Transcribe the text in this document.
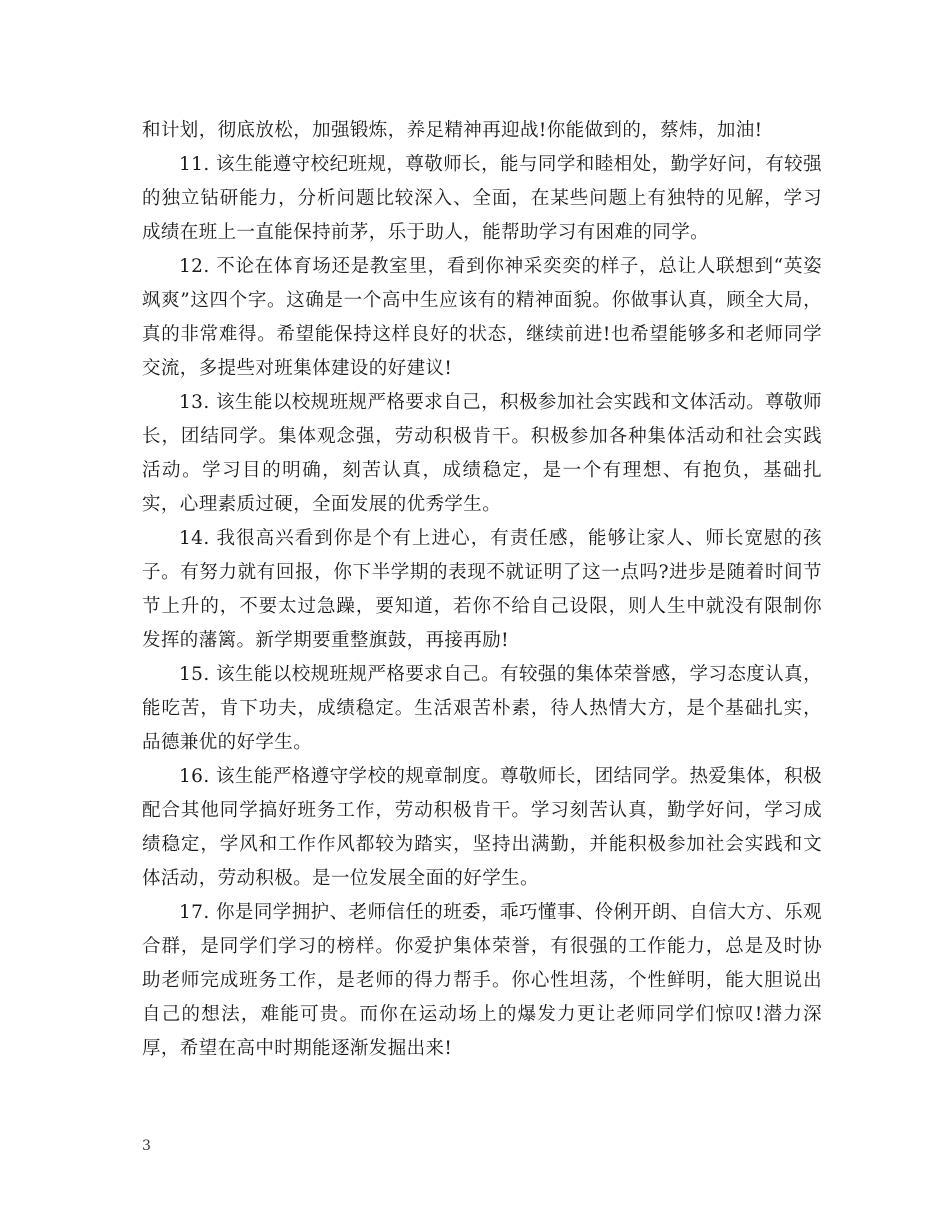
和计划，彻底放松，加强锻炼，养足精神再迎战!你能做到的，蔡炜，加油!

11. 该生能遵守校纪班规，尊敬师长，能与同学和睦相处，勤学好问，有较强的独立钻研能力，分析问题比较深入、全面，在某些问题上有独特的见解，学习成绩在班上一直能保持前茅，乐于助人，能帮助学习有困难的同学。

12. 不论在体育场还是教室里，看到你神采奕奕的样子，总让人联想到“英姿飒爽”这四个字。这确是一个高中生应该有的精神面貌。你做事认真，顾全大局，真的非常难得。希望能保持这样良好的状态，继续前进!也希望能够多和老师同学交流，多提些对班集体建设的好建议!

13. 该生能以校规班规严格要求自己，积极参加社会实践和文体活动。尊敬师长，团结同学。集体观念强，劳动积极肯干。积极参加各种集体活动和社会实践活动。学习目的明确，刻苦认真，成绩稳定，是一个有理想、有抱负，基础扎实，心理素质过硬，全面发展的优秀学生。

14. 我很高兴看到你是个有上进心，有责任感，能够让家人、师长宽慰的孩子。有努力就有回报，你下半学期的表现不就证明了这一点吗?进步是随着时间节节上升的，不要太过急躁，要知道，若你不给自己设限，则人生中就没有限制你发挥的藩篱。新学期要重整旗鼓，再接再励!

15. 该生能以校规班规严格要求自己。有较强的集体荣誉感，学习态度认真，能吃苦，肯下功夫，成绩稳定。生活艰苦朴素，待人热情大方，是个基础扎实，品德兼优的好学生。

16. 该生能严格遵守学校的规章制度。尊敬师长，团结同学。热爱集体，积极配合其他同学搞好班务工作，劳动积极肯干。学习刻苦认真，勤学好问，学习成绩稳定，学风和工作作风都较为踏实，坚持出满勤，并能积极参加社会实践和文体活动，劳动积极。是一位发展全面的好学生。

17. 你是同学拥护、老师信任的班委，乖巧懂事、伶俐开朗、自信大方、乐观合群，是同学们学习的榜样。你爱护集体荣誉，有很强的工作能力，总是及时协助老师完成班务工作，是老师的得力帮手。你心性坦荡，个性鲜明，能大胆说出自己的想法，难能可贵。而你在运动场上的爆发力更让老师同学们惊叹!潜力深厚，希望在高中时期能逐渐发掘出来!

3
